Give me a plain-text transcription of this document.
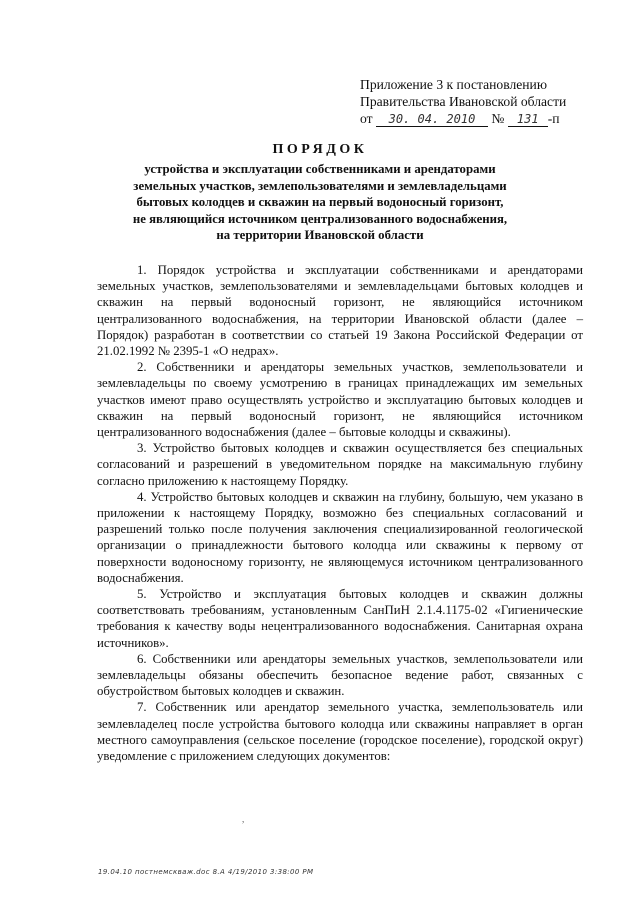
Приложение 3 к постановлению
Правительства Ивановской области
от 30. 04. 2010 № 131 -п
ПОРЯДОК
устройства и эксплуатации собственниками и арендаторами
земельных участков, землепользователями и землевладельцами
бытовых колодцев и скважин на первый водоносный горизонт,
не являющийся источником централизованного водоснабжения,
на территории Ивановской области

1. Порядок устройства и эксплуатации собственниками и арендаторами земельных участков, землепользователями и землевладельцами бытовых колодцев и скважин на первый водоносный горизонт, не являющийся источником централизованного водоснабжения, на территории Ивановской области (далее – Порядок) разработан в соответствии со статьей 19 Закона Российской Федерации от 21.02.1992 № 2395-1 «О недрах».

2. Собственники и арендаторы земельных участков, землепользователи и землевладельцы по своему усмотрению в границах принадлежащих им земельных участков имеют право осуществлять устройство и эксплуатацию бытовых колодцев и скважин на первый водоносный горизонт, не являющийся источником централизованного водоснабжения (далее – бытовые колодцы и скважины).

3. Устройство бытовых колодцев и скважин осуществляется без специальных согласований и разрешений в уведомительном порядке на максимальную глубину согласно приложению к настоящему Порядку.

4. Устройство бытовых колодцев и скважин на глубину, большую, чем указано в приложении к настоящему Порядку, возможно без специальных согласований и разрешений только после получения заключения специализированной геологической организации о принадлежности бытового колодца или скважины к первому от поверхности водоносному горизонту, не являющемуся источником централизованного водоснабжения.

5. Устройство и эксплуатация бытовых колодцев и скважин должны соответствовать требованиям, установленным СанПиН 2.1.4.1175-02 «Гигиенические требования к качеству воды нецентрализованного водоснабжения. Санитарная охрана источников».

6. Собственники или арендаторы земельных участков, землепользователи или землевладельцы обязаны обеспечить безопасное ведение работ, связанных с обустройством бытовых колодцев и скважин.

7. Собственник или арендатор земельного участка, землепользователь или землевладелец после устройства бытового колодца или скважины направляет в орган местного самоуправления (сельское поселение (городское поселение), городской округ) уведомление с приложением следующих документов:

,
19.04.10 постнемскваж.doc 8.A 4/19/2010 3:38:00 PM
